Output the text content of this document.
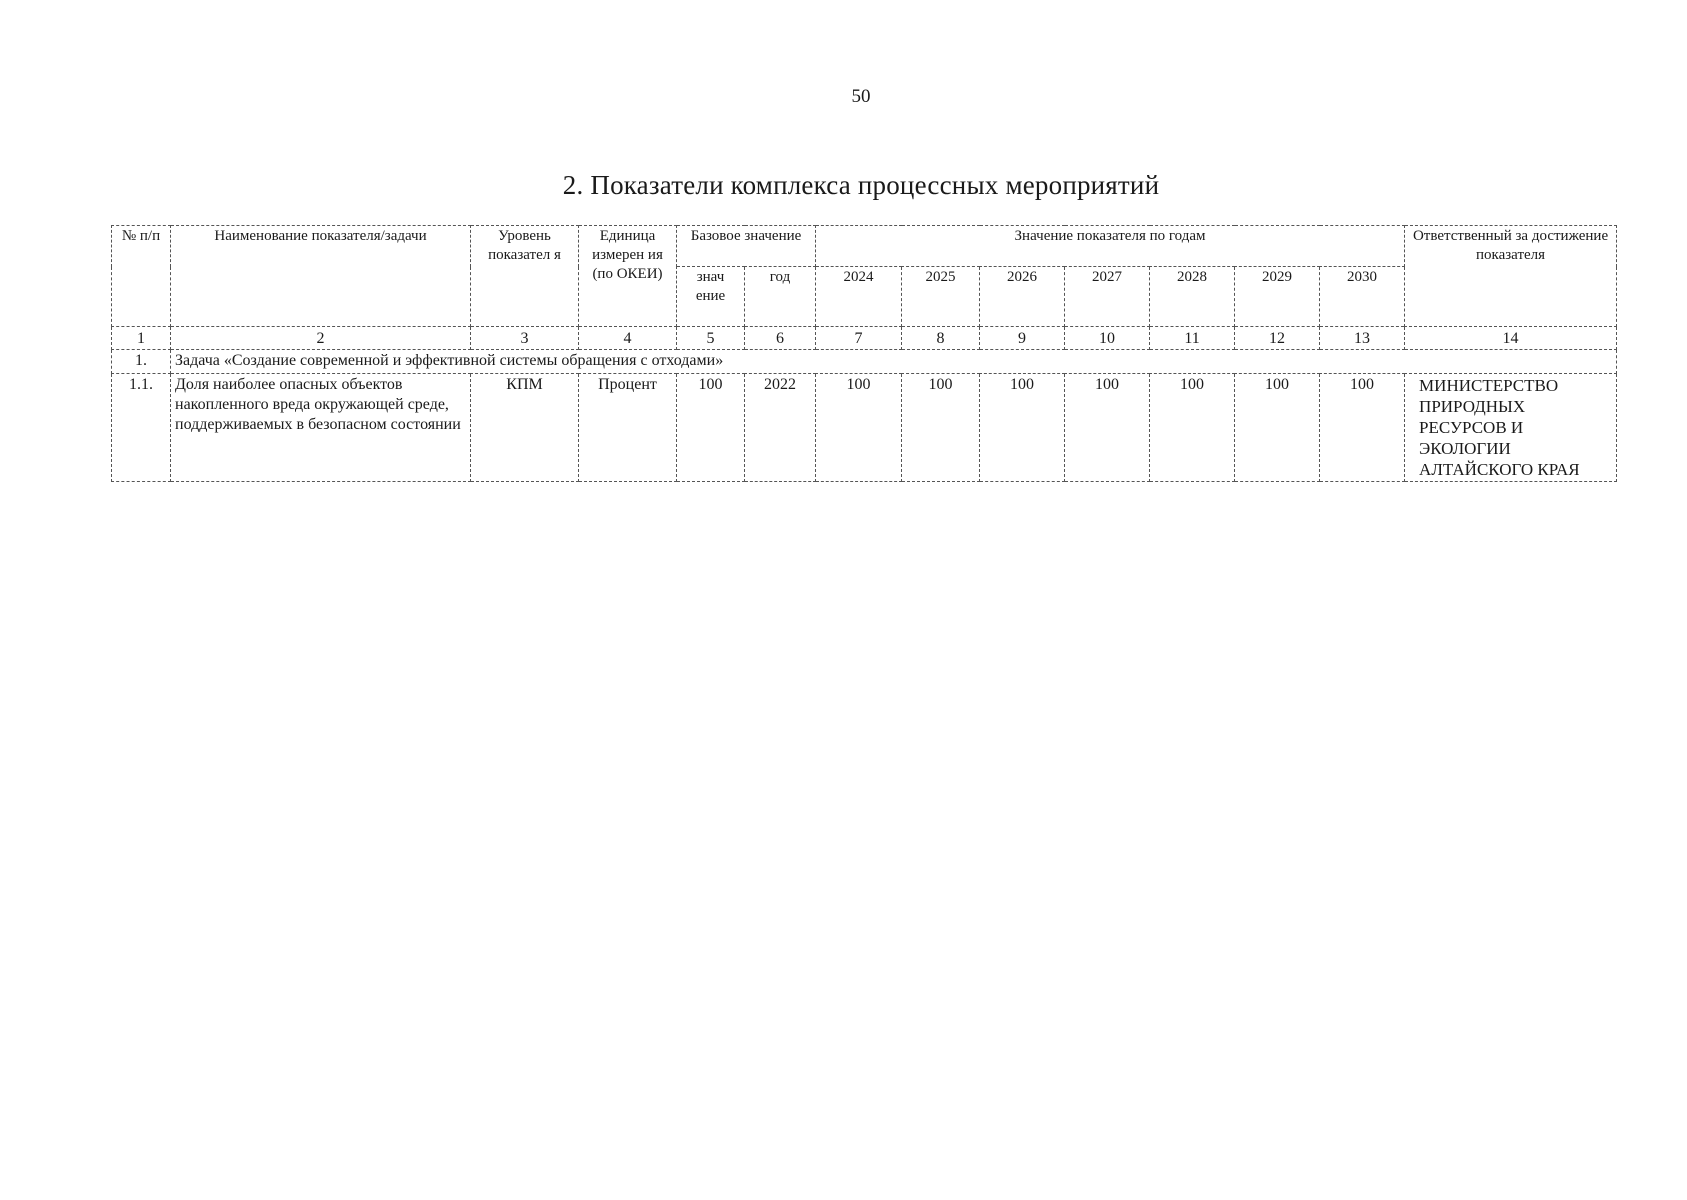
50
2. Показатели комплекса процессных мероприятий
№ п/п	Наименование показателя/задачи	Уровень показател я	Единица измерен ия (по ОКЕИ)	Базовое значение		Значение показателя по годам							Ответственный за достижение показателя
				знач ение	год	2024	2025	2026	2027	2028	2029	2030	
1	2	3	4	5	6	7	8	9	10	11	12	13	14
1.	Задача «Создание современной и эффективной системы обращения с отходами»												
1.1.	Доля наиболее опасных объектов накопленного вреда окружающей среде, поддерживаемых в безопасном состоянии	КПМ	Процент	100	2022	100	100	100	100	100	100	100	МИНИСТЕРСТВО ПРИРОДНЫХ РЕСУРСОВ И ЭКОЛОГИИ АЛТАЙСКОГО КРАЯ
